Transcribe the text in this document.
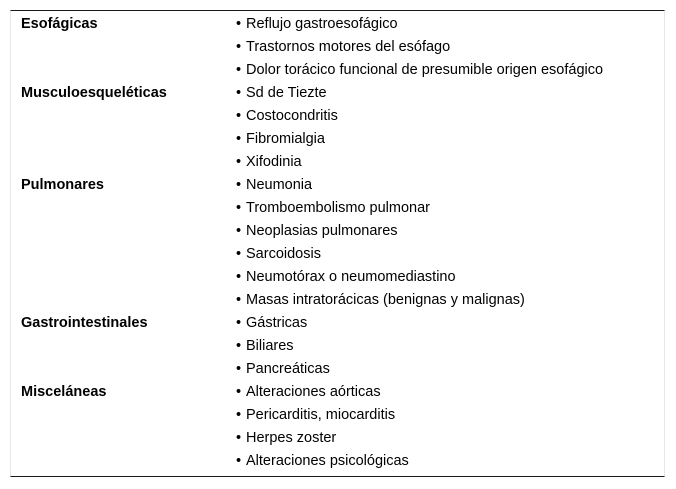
Esofágicas	• Reflujo gastroesofágico
	• Trastornos motores del esófago
	• Dolor torácico funcional de presumible origen esofágico
Musculoesqueléticas	• Sd de Tiezte
	• Costocondritis
	• Fibromialgia
	• Xifodinia
Pulmonares	• Neumonia
	• Tromboembolismo pulmonar
	• Neoplasias pulmonares
	• Sarcoidosis
	• Neumotórax o neumomediastino
	• Masas intratorácicas (benignas y malignas)
Gastrointestinales	• Gástricas
	• Biliares
	• Pancreáticas
Misceláneas	• Alteraciones aórticas
	• Pericarditis, miocarditis
	• Herpes zoster
	• Alteraciones psicológicas
